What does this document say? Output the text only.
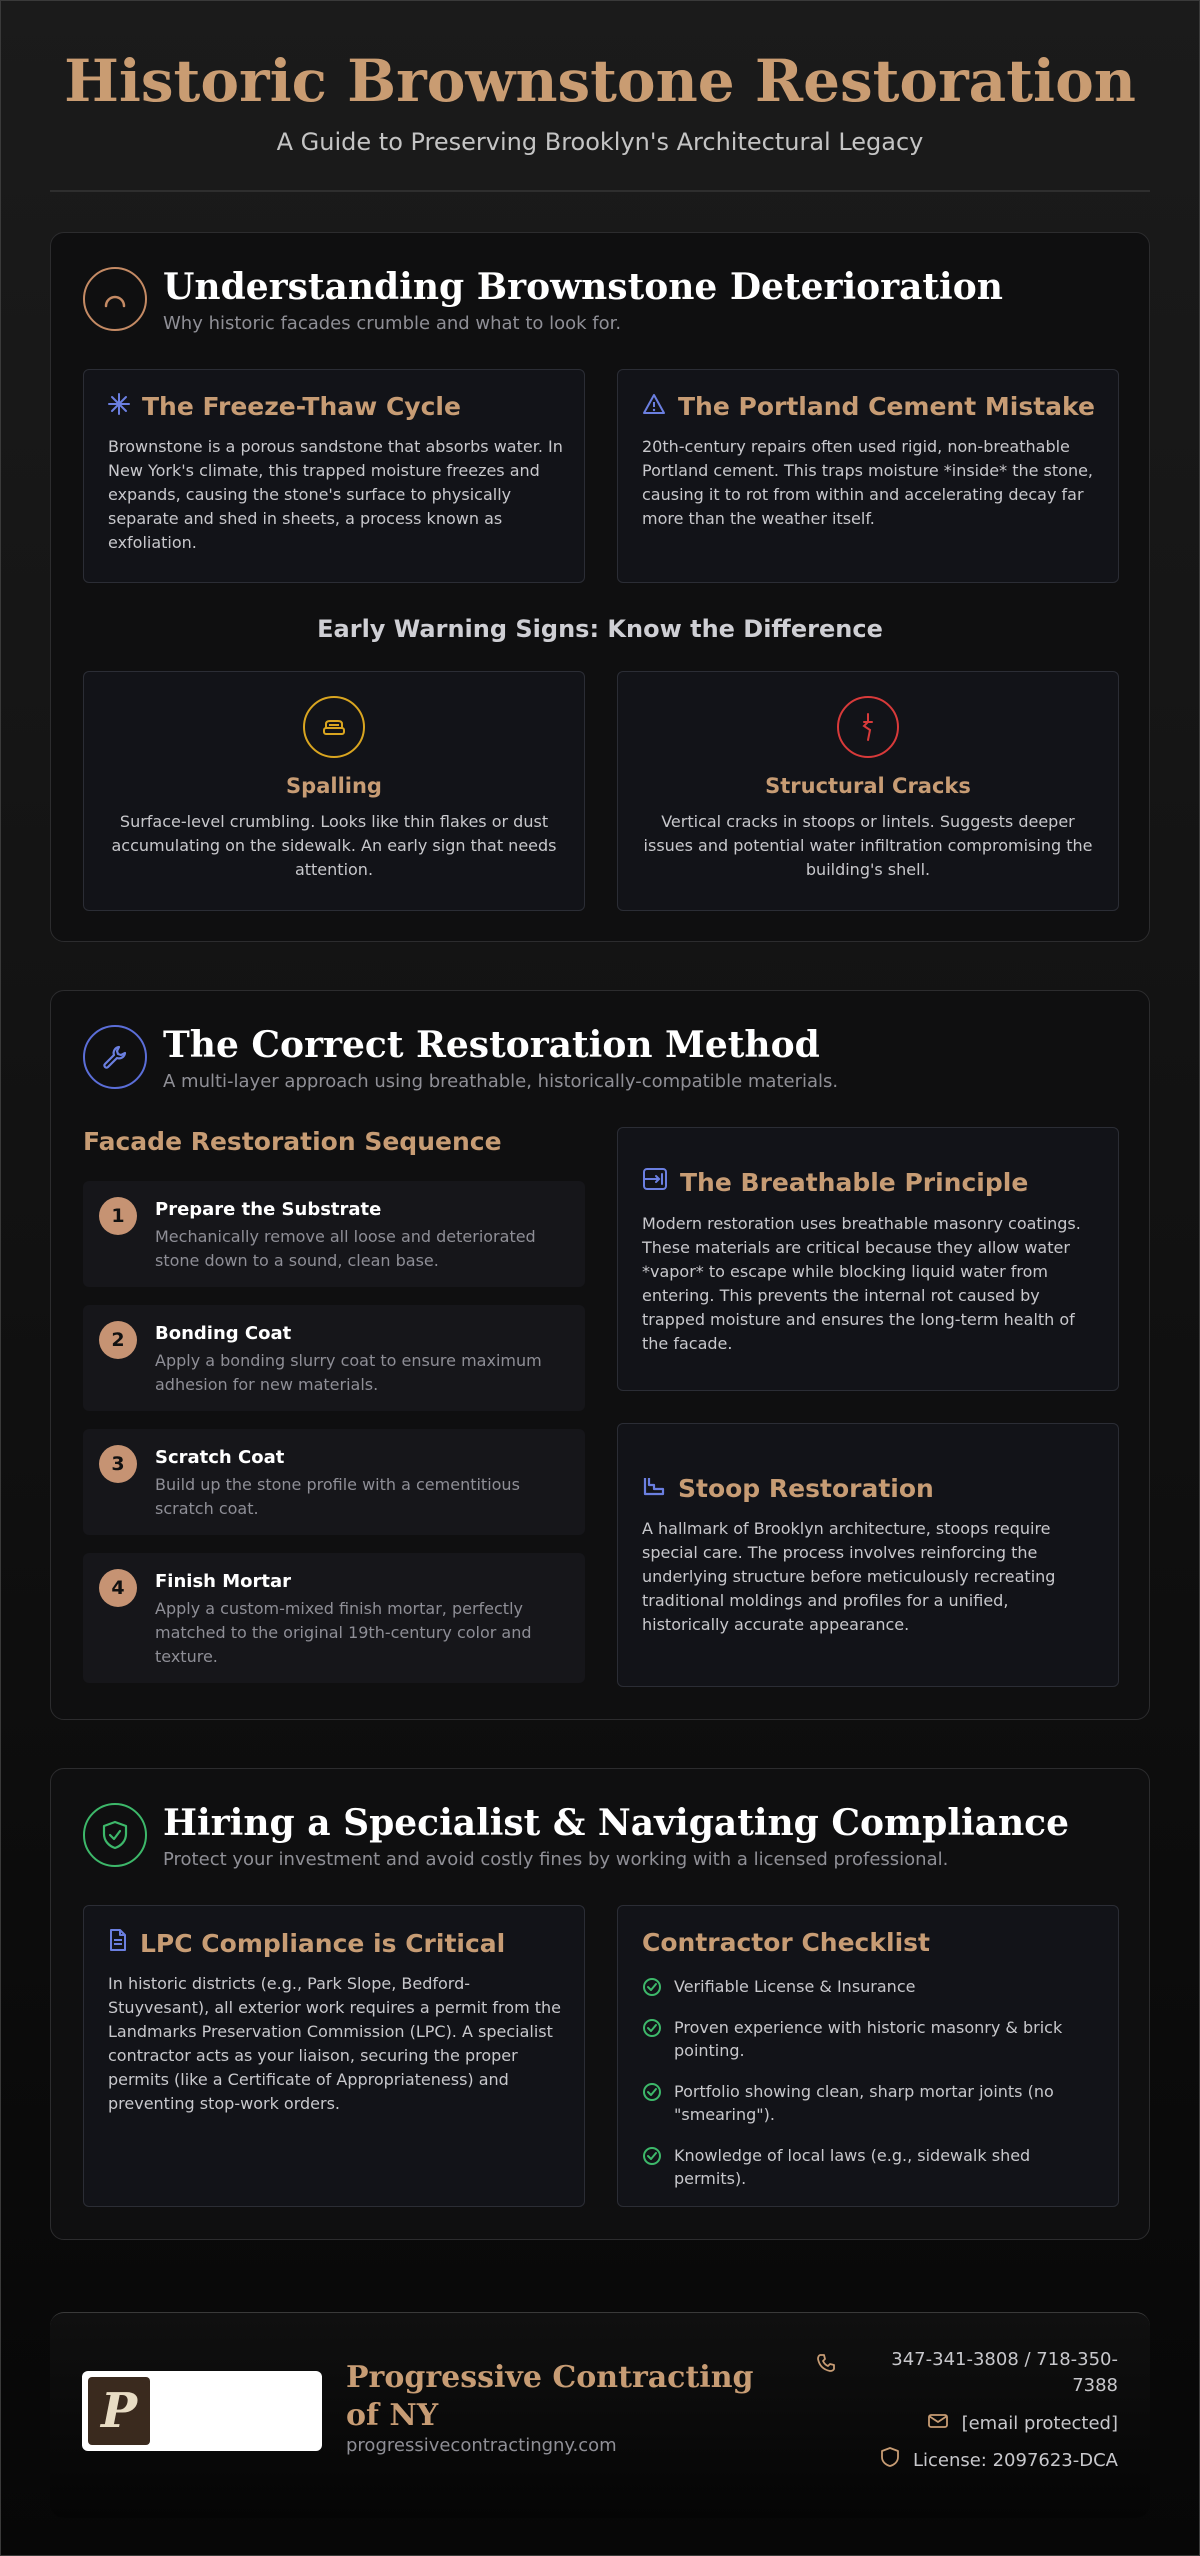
Historic Brownstone Restoration

A Guide to Preserving Brooklyn's Architectural Legacy

Understanding Brownstone Deterioration
Why historic facades crumble and what to look for.
The Freeze-Thaw Cycle
Brownstone is a porous sandstone that absorbs water. In New York's climate, this trapped moisture freezes and expands, causing the stone's surface to physically separate and shed in sheets, a process known as exfoliation.
The Portland Cement Mistake
20th-century repairs often used rigid, non-breathable Portland cement. This traps moisture *inside* the stone, causing it to rot from within and accelerating decay far more than the weather itself.
Early Warning Signs: Know the Difference
Spalling
Surface-level crumbling. Looks like thin flakes or dust accumulating on the sidewalk. An early sign that needs attention.
Structural Cracks
Vertical cracks in stoops or lintels. Suggests deeper issues and potential water infiltration compromising the building's shell.
The Correct Restoration Method
A multi-layer approach using breathable, historically-compatible materials.
Facade Restoration Sequence
1	Prepare the Substrate
Mechanically remove all loose and deteriorated stone down to a sound, clean base.
2	Bonding Coat
Apply a bonding slurry coat to ensure maximum adhesion for new materials.
3	Scratch Coat
Build up the stone profile with a cementitious scratch coat.
4	Finish Mortar
Apply a custom-mixed finish mortar, perfectly matched to the original 19th-century color and texture.
The Breathable Principle
Modern restoration uses breathable masonry coatings. These materials are critical because they allow water *vapor* to escape while blocking liquid water from entering. This prevents the internal rot caused by trapped moisture and ensures the long-term health of the facade.
Stoop Restoration
A hallmark of Brooklyn architecture, stoops require special care. The process involves reinforcing the underlying structure before meticulously recreating traditional moldings and profiles for a unified, historically accurate appearance.
Hiring a Specialist & Navigating Compliance
Protect your investment and avoid costly fines by working with a licensed professional.
LPC Compliance is Critical
In historic districts (e.g., Park Slope, Bedford-Stuyvesant), all exterior work requires a permit from the Landmarks Preservation Commission (LPC). A specialist contractor acts as your liaison, securing the proper permits (like a Certificate of Appropriateness) and preventing stop-work orders.
Contractor Checklist
Verifiable License & Insurance
Proven experience with historic masonry & brick pointing.
Portfolio showing clean, sharp mortar joints (no "smearing").
Knowledge of local laws (e.g., sidewalk shed permits).
P
Progressive Contracting of NY
progressivecontractingny.com
347-341-3808 / 718-350-7388
[email protected]
License: 2097623-DCA
